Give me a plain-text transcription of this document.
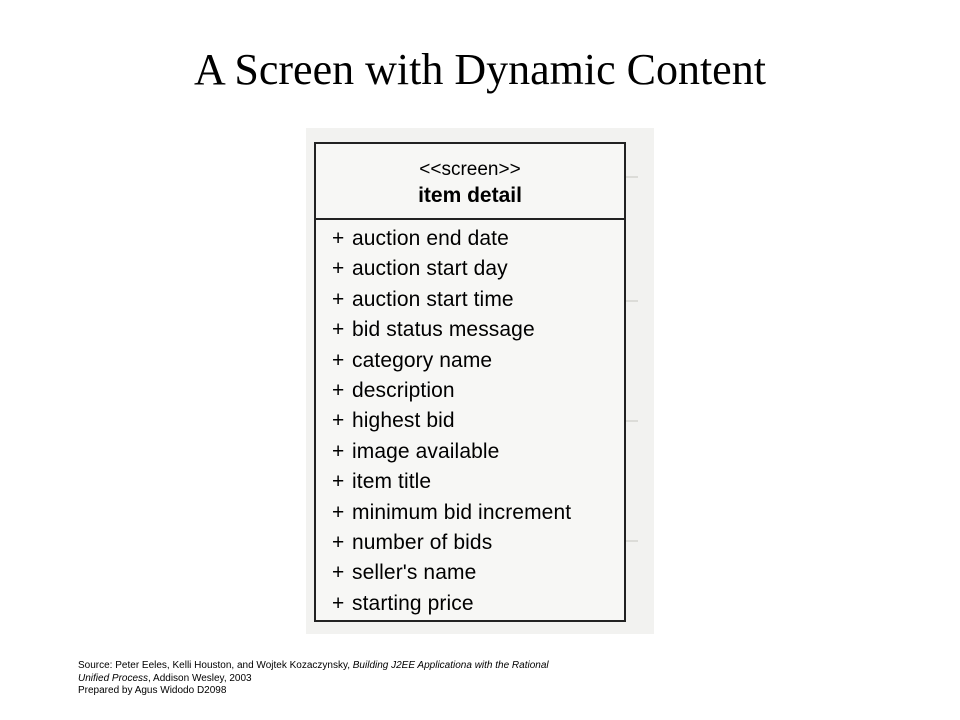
A Screen with Dynamic Content
<<screen>>
item detail
+ auction end date
+ auction start day
+ auction start time
+ bid status message
+ category name
+ description
+ highest bid
+ image available
+ item title
+ minimum bid increment
+ number of bids
+ seller's name
+ starting price
Source: Peter Eeles, Kelli Houston, and Wojtek Kozaczynsky, Building J2EE Applicationa with the Rational
Unified Process, Addison Wesley, 2003
Prepared by Agus Widodo D2098
